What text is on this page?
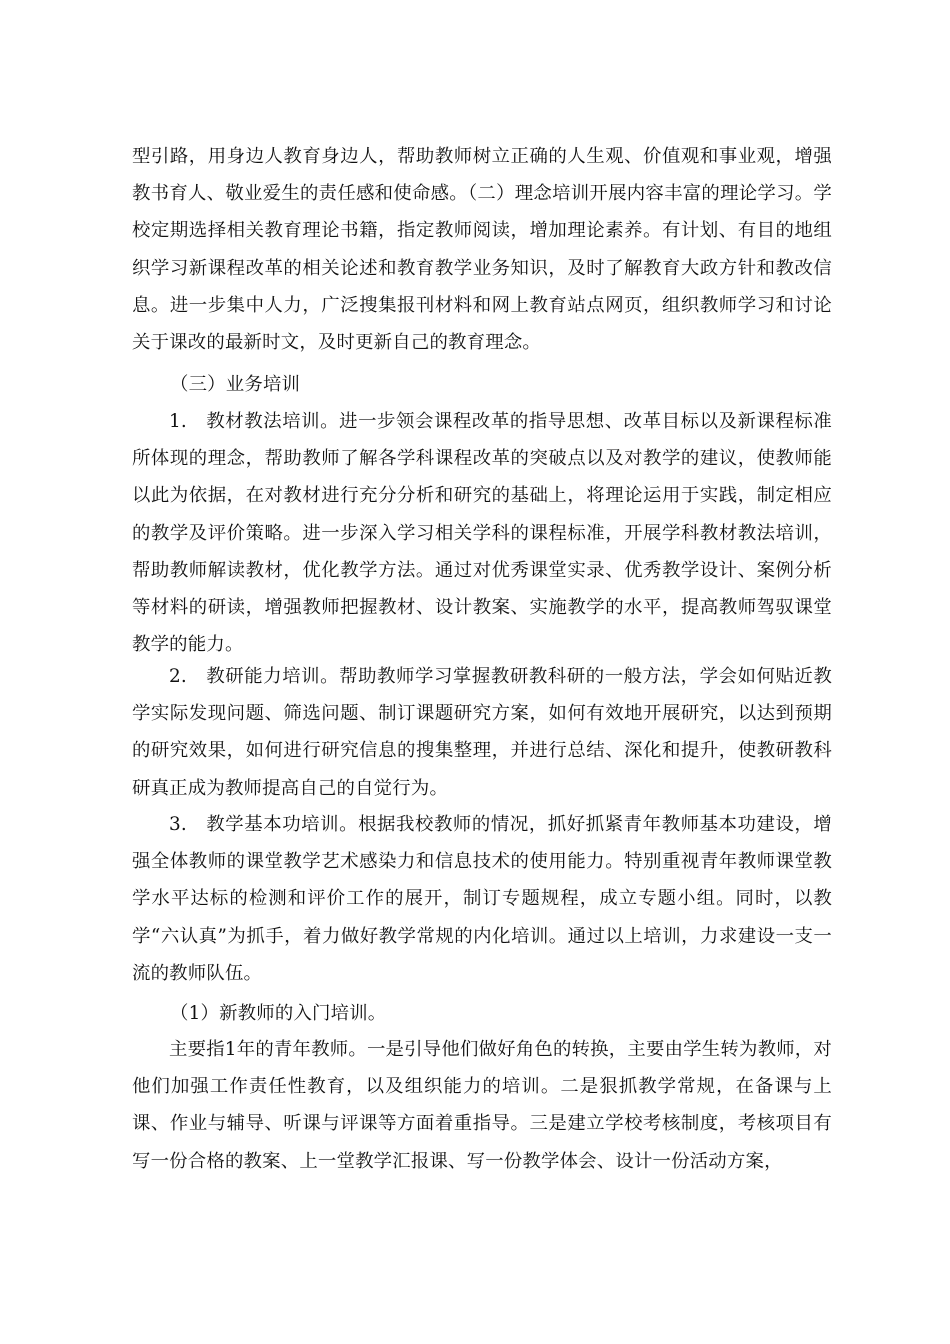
型引路，用身边人教育身边人，帮助教师树立正确的人生观、价值观和事业观，增强教书育人、敬业爱生的责任感和使命感。（二）理念培训开展内容丰富的理论学习。学校定期选择相关教育理论书籍，指定教师阅读，增加理论素养。有计划、有目的地组织学习新课程改革的相关论述和教育教学业务知识，及时了解教育大政方针和教改信息。进一步集中人力，广泛搜集报刊材料和网上教育站点网页，组织教师学习和讨论关于课改的最新时文，及时更新自己的教育理念。
（三）业务培训
1.　教材教法培训。进一步领会课程改革的指导思想、改革目标以及新课程标准所体现的理念，帮助教师了解各学科课程改革的突破点以及对教学的建议，使教师能以此为依据，在对教材进行充分分析和研究的基础上，将理论运用于实践，制定相应的教学及评价策略。进一步深入学习相关学科的课程标准，开展学科教材教法培训，帮助教师解读教材，优化教学方法。通过对优秀课堂实录、优秀教学设计、案例分析等材料的研读，增强教师把握教材、设计教案、实施教学的水平，提高教师驾驭课堂教学的能力。
2.　教研能力培训。帮助教师学习掌握教研教科研的一般方法，学会如何贴近教学实际发现问题、筛选问题、制订课题研究方案，如何有效地开展研究，以达到预期的研究效果，如何进行研究信息的搜集整理，并进行总结、深化和提升，使教研教科研真正成为教师提高自己的自觉行为。
3.　教学基本功培训。根据我校教师的情况，抓好抓紧青年教师基本功建设，增强全体教师的课堂教学艺术感染力和信息技术的使用能力。特别重视青年教师课堂教学水平达标的检测和评价工作的展开，制订专题规程，成立专题小组。同时，以教学“六认真”为抓手，着力做好教学常规的内化培训。通过以上培训，力求建设一支一流的教师队伍。
（1）新教师的入门培训。
主要指1年的青年教师。一是引导他们做好角色的转换，主要由学生转为教师，对他们加强工作责任性教育，以及组织能力的培训。二是狠抓教学常规，在备课与上课、作业与辅导、听课与评课等方面着重指导。三是建立学校考核制度，考核项目有写一份合格的教案、上一堂教学汇报课、写一份教学体会、设计一份活动方案，
